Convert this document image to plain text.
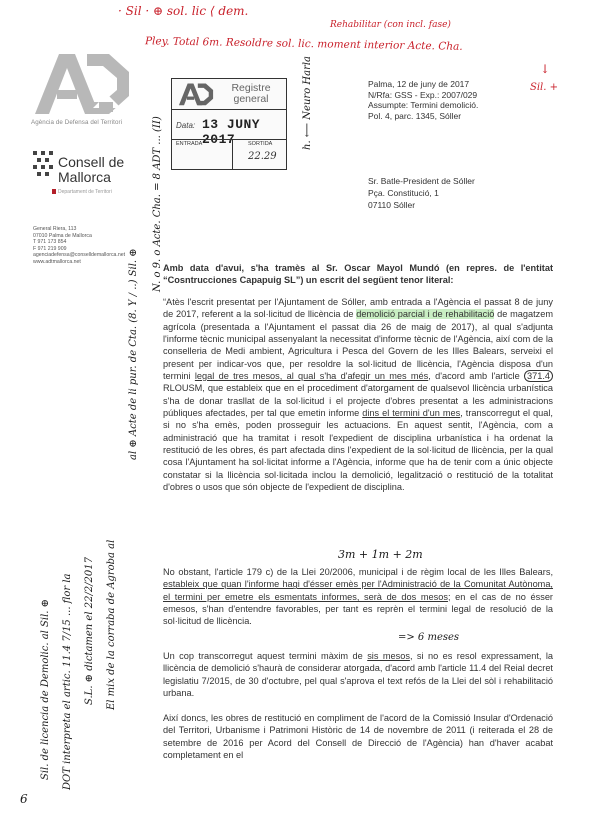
· Sil · ⊕ sol. lic ⟨ dem.
Rehabilitar (con incl. fase)
Pley. Total 6m. Resoldre sol. lic. moment interior Acte. Cha.
↓
Sil. +
Agència de Defensa del Territori
Consell de
Mallorca
Departament de Territori
General Riera, 113
07010 Palma de Mallorca
T 971 173 854
F 971 219 909
agenciadefensa@conselldemallorca.net
www.adtmallorca.net
Registre
general
Data: 13 JUNY 2017
ENTRADA	SORTIDA
22.29
h. ⟵ Neuro Harla	Palma, 12 de juny de 2017
N/Rfa: GSS - Exp.: 2007/029
Assumpte: Termini demolició.
Pol. 4, parc. 1345, Sóller
Sr. Batle-President de Sóller
Pça. Constitució, 1
07110 Sóller
N. o 9. o Acte. Cha. = 8 ADT ... (II)
al ⊕ Acte de li pur. de Cta. (8. Y / ..) Sil. ⊕
El mix de la corraba de Agroba al
S.L. ⊕ dictamen el 22/2/2017
DOT interpreta el artic. 11.4 7/15 ... flor la
Sil. de licencia de Demolic. al Sil. ⊕
6
Amb data d'avui, s'ha tramès al Sr. Oscar Mayol Mundó (en repres. de l'entitat “Cosntrucciones Capapuig SL”) un escrit del següent tenor literal:
“Atès l'escrit presentat per l'Ajuntament de Sóller, amb entrada a l'Agència el passat 8 de juny de 2017, referent a la sol·licitud de llicència de demolició parcial i de rehabilitació de magatzem agrícola (presentada a l'Ajuntament el passat dia 26 de maig de 2017), al qual s'adjunta l'informe tècnic municipal assenyalant la necessitat d'informe tècnic de l'Agència, així com de la conselleria de Medi ambient, Agricultura i Pesca del Govern de les Illes Balears, serveixi el present per indicar-vos que, per resoldre la sol·licitud de llicència, l'Agència disposa d'un termini legal de tres mesos, al qual s'ha d'afegir un mes més, d'acord amb l'article 371.4 RLOUSM, que estableix que en el procediment d'atorgament de qualsevol llicència urbanística s'ha de donar trasllat de la sol·licitud i el projecte d'obres presentat a les administracions públiques afectades, per tal que emetin informe dins el termini d'un mes, transcorregut el qual, si no s'ha emès, poden prosseguir les actuacions. En aquest sentit, l'Agència, com a administració que ha tramitat i resolt l'expedient de disciplina urbanística i ha ordenat la restitució de les obres, és part afectada dins l'expedient de la sol·licitud de llicència, per la qual cosa l'Ajuntament ha sol·licitat informe a l'Agència, informe que ha de tenir com a únic objecte constatar si la llicència sol·licitada inclou la demolició, legalització o restitució de la totalitat d'obres o usos que són objecte de l'expedient de disciplina.
3m + 1m + 2m
No obstant, l'article 179 c) de la Llei 20/2006, municipal i de règim local de les Illes Balears, estableix que quan l'informe hagi d'ésser emès per l'Administració de la Comunitat Autònoma, el termini per emetre els esmentats informes, serà de dos mesos; en el cas de no ésser emesos, s'han d'entendre favorables, per tant es reprèn el termini legal de resolució de la sol·licitud de llicència.
=> 6 meses
Un cop transcorregut aquest termini màxim de sis mesos, si no es resol expressament, la llicència de demolició s'haurà de considerar atorgada, d'acord amb l'article 11.4 del Reial decret legislatiu 7/2015, de 30 d'octubre, pel qual s'aprova el text refós de la Llei del sòl i rehabilitació urbana.
Així doncs, les obres de restitució en compliment de l'acord de la Comissió Insular d'Ordenació del Territori, Urbanisme i Patrimoni Històric de 14 de novembre de 2011 (i reiterada el 28 de setembre de 2016 per Acord del Consell de Direcció de l'Agència) han d'haver acabat completament en el
